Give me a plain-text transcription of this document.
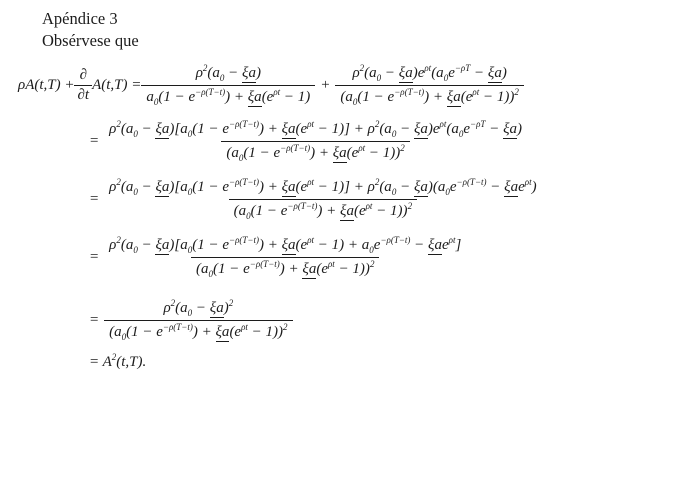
Apéndice 3
Obsérvese que
$\rho A(t,T) + \frac{\partial}{\partial t} A(t,T) = \frac{\rho^2(a_0 - \xi a)}{a_0(1 - e^{-\rho(T-t)}) + \xi a(e^{\rho t} - 1)} + \frac{\rho^2(a_0 - \xi a)e^{\rho t}(a_0e^{-\rho T} - \xi a)}{(a_0(1 - e^{-\rho(T-t)}) + \xi a(e^{\rho t} - 1))^2}$
=
$\rho^2(a_0 - \xi a)[a_0(1 - e^{-\rho(T-t)}) + \xi a(e^{\rho t} - 1)] + \rho^2(a_0 - \xi a)e^{\rho t}(a_0e^{-\rho T} - \xi a)$
$(a_0(1 - e^{-\rho(T-t)}) + \xi a(e^{\rho t} - 1))^2$
=
$\rho^2(a_0 - \xi a)[a_0(1 - e^{-\rho(T-t)}) + \xi a(e^{\rho t} - 1)] + \rho^2(a_0 - \xi a)(a_0e^{-\rho(T-t)} - \xi ae^{\rho t})$
$(a_0(1 - e^{-\rho(T-t)}) + \xi a(e^{\rho t} - 1))^2$
=
$\rho^2(a_0 - \xi a)[a_0(1 - e^{-\rho(T-t)}) + \xi a(e^{\rho t} - 1) + a_0e^{-\rho(T-t)} - \xi ae^{\rho t}]$
$(a_0(1 - e^{-\rho(T-t)}) + \xi a(e^{\rho t} - 1))^2$
= $\frac{\rho^2(a_0 - \xi a)^2}{(a_0(1 - e^{-\rho(T-t)}) + \xi a(e^{\rho t} - 1))^2}$
= $A^2(t,T)$.
